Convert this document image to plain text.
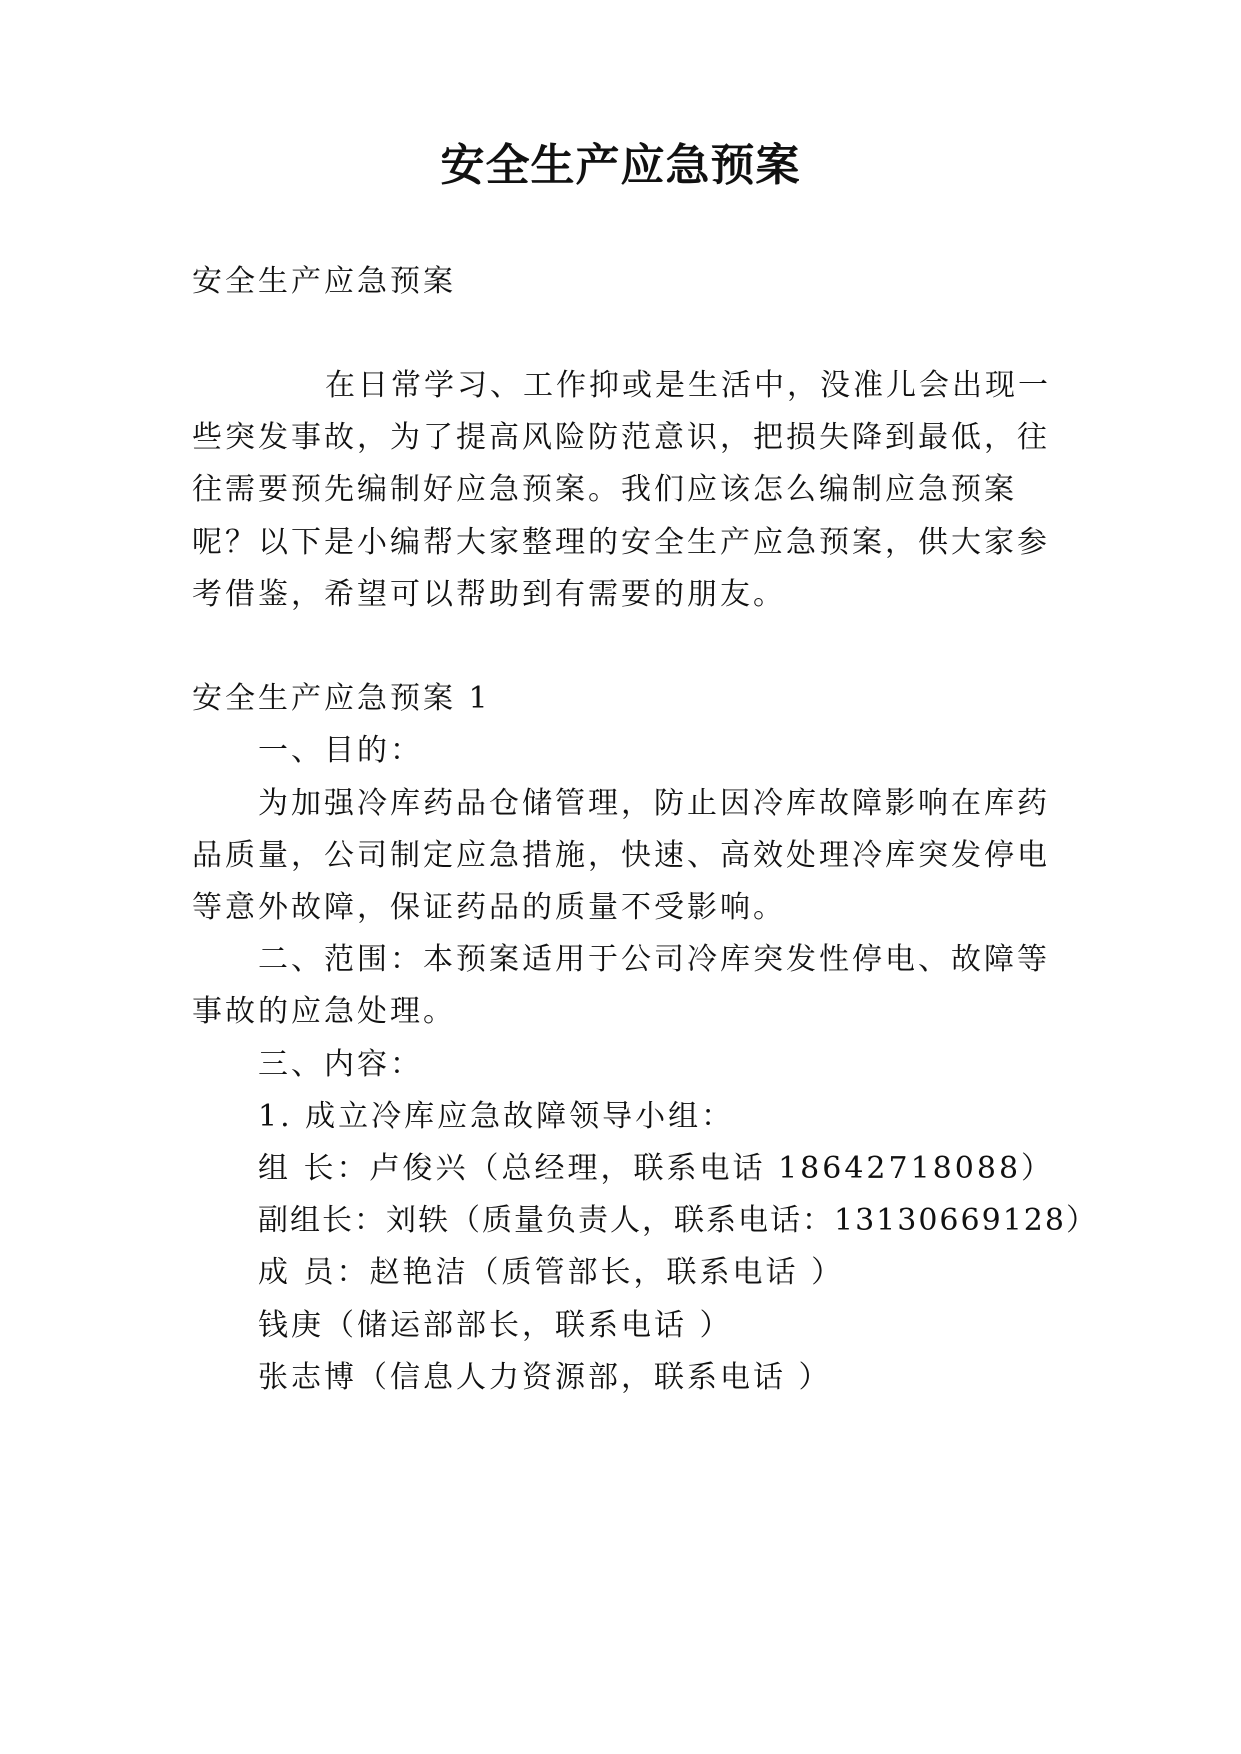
安全生产应急预案
安全生产应急预案
在日常学习、工作抑或是生活中，没准儿会出现一
些突发事故，为了提高风险防范意识，把损失降到最低，往
往需要预先编制好应急预案。我们应该怎么编制应急预案
呢？以下是小编帮大家整理的安全生产应急预案，供大家参
考借鉴，希望可以帮助到有需要的朋友。
安全生产应急预案 1
一、目的：
为加强冷库药品仓储管理，防止因冷库故障影响在库药
品质量，公司制定应急措施，快速、高效处理冷库突发停电
等意外故障，保证药品的质量不受影响。
二、范围：本预案适用于公司冷库突发性停电、故障等
事故的应急处理。
三、内容：
1. 成立冷库应急故障领导小组：
组 长：卢俊兴（总经理，联系电话 18642718088）
副组长：刘轶（质量负责人，联系电话：13130669128）
成 员：赵艳洁（质管部长，联系电话 ）
钱庚（储运部部长，联系电话 ）
张志博（信息人力资源部，联系电话 ）
